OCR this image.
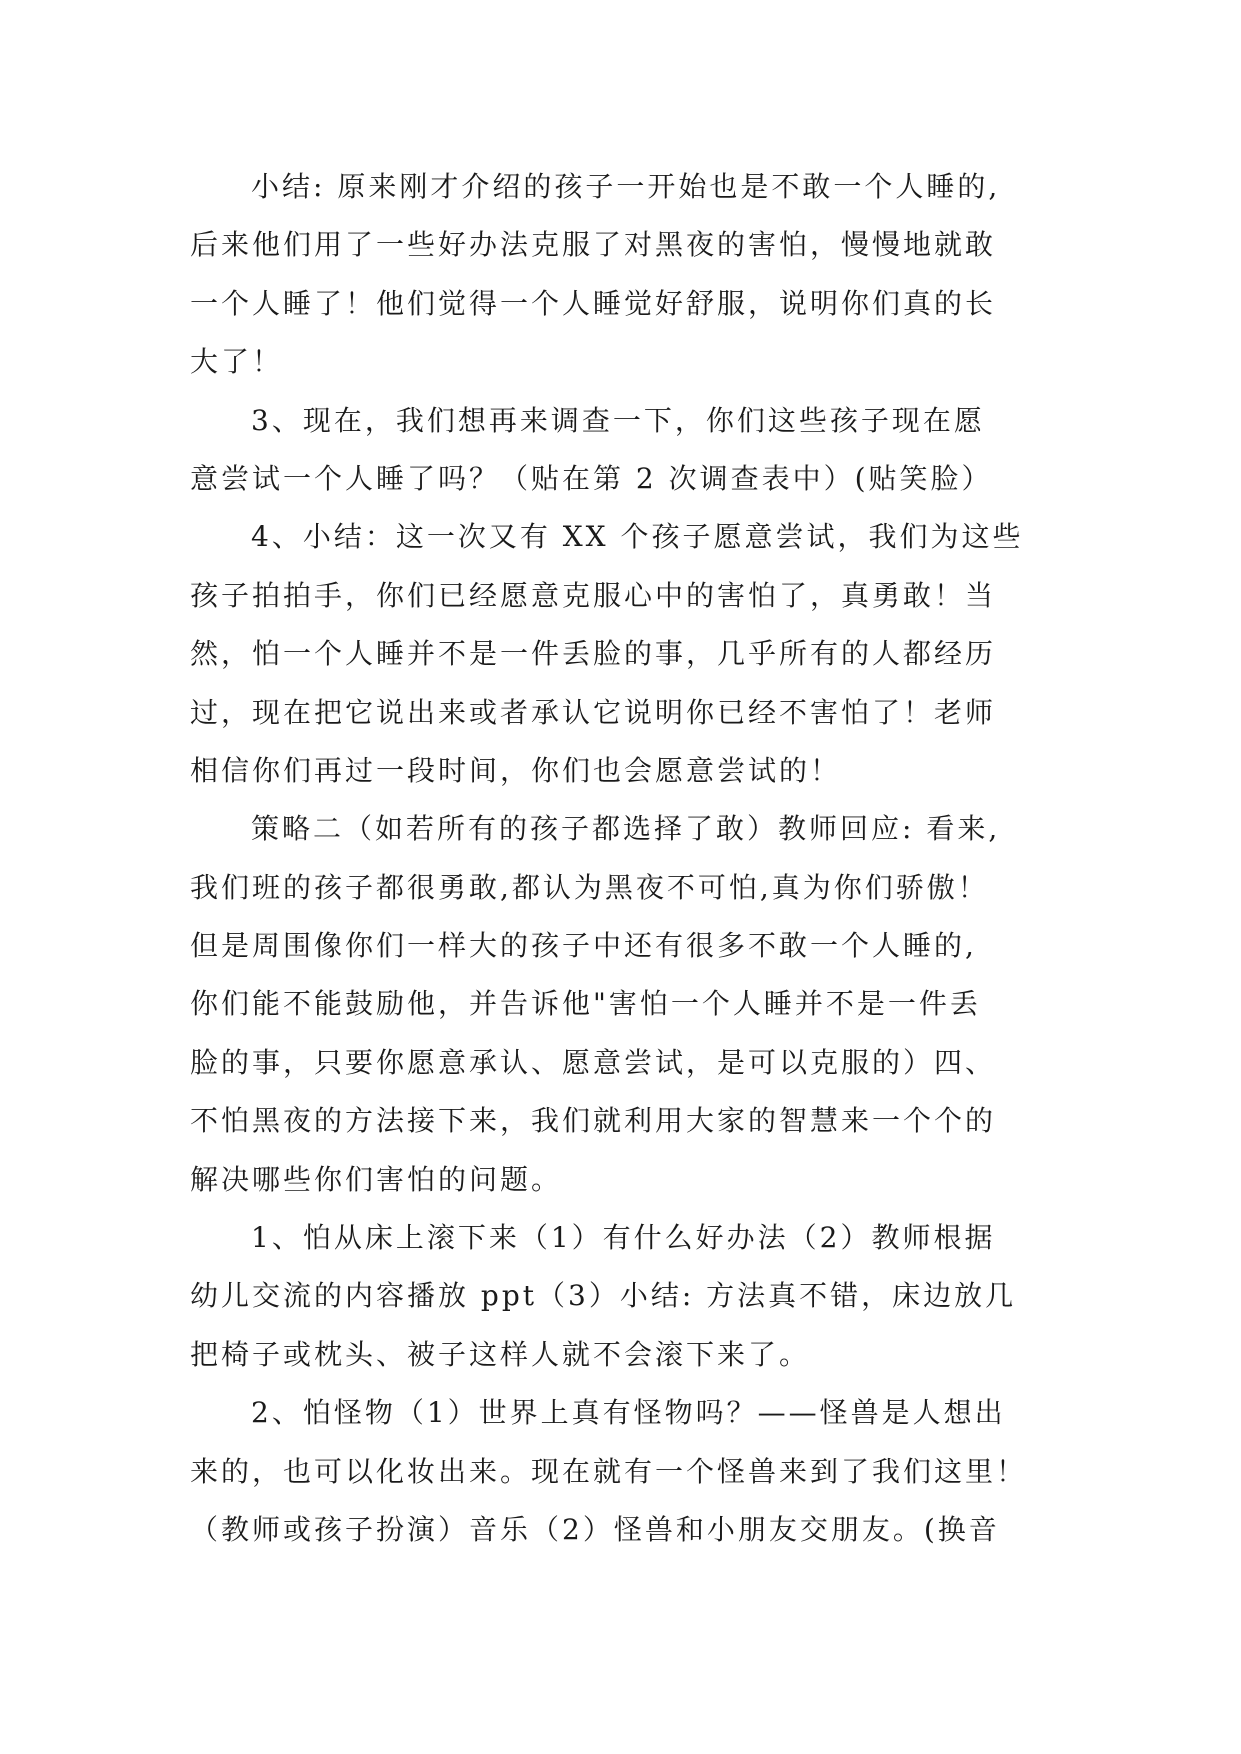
小结: 原来刚才介绍的孩子一开始也是不敢一个人睡的,
后来他们用了一些好办法克服了对黑夜的害怕，慢慢地就敢
一个人睡了！他们觉得一个人睡觉好舒服，说明你们真的长
大了！
3、现在，我们想再来调查一下，你们这些孩子现在愿
意尝试一个人睡了吗？（贴在第 2 次调查表中）(贴笑脸）
4、小结：这一次又有 XX 个孩子愿意尝试，我们为这些
孩子拍拍手，你们已经愿意克服心中的害怕了，真勇敢！当
然，怕一个人睡并不是一件丢脸的事，几乎所有的人都经历
过，现在把它说出来或者承认它说明你已经不害怕了！老师
相信你们再过一段时间，你们也会愿意尝试的！
策略二（如若所有的孩子都选择了敢）教师回应: 看来,
我们班的孩子都很勇敢,都认为黑夜不可怕,真为你们骄傲！
但是周围像你们一样大的孩子中还有很多不敢一个人睡的,
你们能不能鼓励他，并告诉他"害怕一个人睡并不是一件丢
脸的事，只要你愿意承认、愿意尝试，是可以克服的）四、
不怕黑夜的方法接下来，我们就利用大家的智慧来一个个的
解决哪些你们害怕的问题。
1、怕从床上滚下来（1）有什么好办法（2）教师根据
幼儿交流的内容播放 ppt（3）小结: 方法真不错，床边放几
把椅子或枕头、被子这样人就不会滚下来了。
2、怕怪物（1）世界上真有怪物吗？——怪兽是人想出
来的，也可以化妆出来。现在就有一个怪兽来到了我们这里！
（教师或孩子扮演）音乐（2）怪兽和小朋友交朋友。(换音
